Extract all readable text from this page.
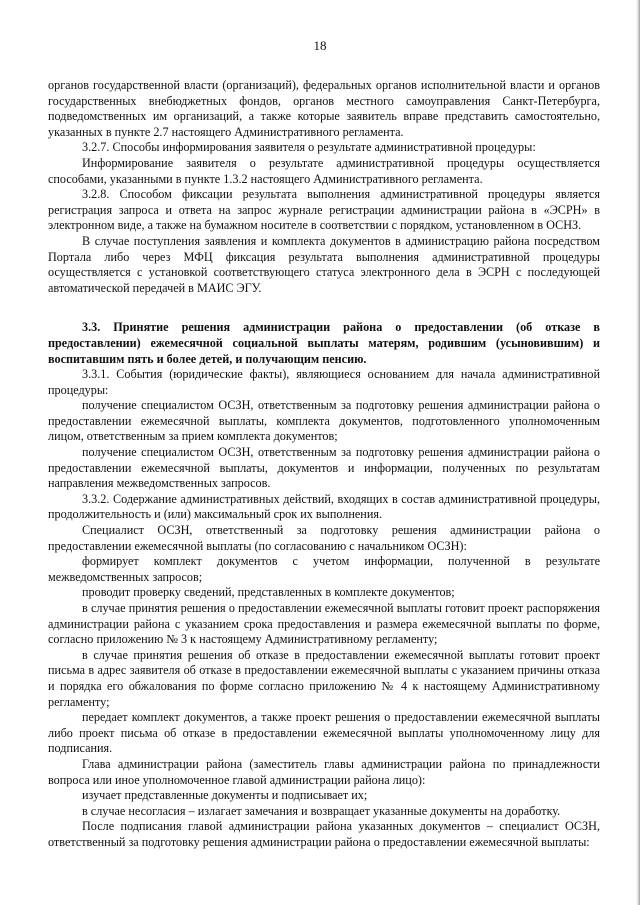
18

органов государственной власти (организаций), федеральных органов исполнительной власти и органов государственных внебюджетных фондов, органов местного самоуправления Санкт-Петербурга, подведомственных им организаций, а также которые заявитель вправе представить самостоятельно, указанных в пункте 2.7 настоящего Административного регламента.

3.2.7. Способы информирования заявителя о результате административной процедуры:

Информирование заявителя о результате административной процедуры осуществляется способами, указанными в пункте 1.3.2 настоящего Административного регламента.

3.2.8. Способом фиксации результата выполнения административной процедуры является регистрация запроса и ответа на запрос журнале регистрации администрации района в «ЭСРН» в электронном виде, а также на бумажном носителе в соответствии с порядком, установленном в ОСНЗ.

В случае поступления заявления и комплекта документов в администрацию района посредством Портала либо через МФЦ фиксация результата выполнения административной процедуры осуществляется с установкой соответствующего статуса электронного дела в ЭСРН с последующей автоматической передачей в МАИС ЭГУ.

3.3. Принятие решения администрации района о предоставлении (об отказе в предоставлении) ежемесячной социальной выплаты матерям, родившим (усыновившим) и воспитавшим пять и более детей, и получающим пенсию.

3.3.1. События (юридические факты), являющиеся основанием для начала административной процедуры:

получение специалистом ОСЗН, ответственным за подготовку решения администрации района о предоставлении ежемесячной выплаты, комплекта документов, подготовленного уполномоченным лицом, ответственным за прием комплекта документов;

получение специалистом ОСЗН, ответственным за подготовку решения администрации района о предоставлении ежемесячной выплаты, документов и информации, полученных по результатам направления межведомственных запросов.

3.3.2. Содержание административных действий, входящих в состав административной процедуры, продолжительность и (или) максимальный срок их выполнения.

Специалист ОСЗН, ответственный за подготовку решения администрации района о предоставлении ежемесячной выплаты (по согласованию с начальником ОСЗН):

формирует комплект документов с учетом информации, полученной в результате межведомственных запросов;

проводит проверку сведений, представленных в комплекте документов;

в случае принятия решения о предоставлении ежемесячной выплаты готовит проект распоряжения администрации района с указанием срока предоставления и размера ежемесячной выплаты по форме, согласно приложению № 3 к настоящему Административному регламенту;

в случае принятия решения об отказе в предоставлении ежемесячной выплаты готовит проект письма в адрес заявителя об отказе в предоставлении ежемесячной выплаты с указанием причины отказа и порядка его обжалования по форме согласно приложению № 4 к настоящему Административному регламенту;

передает комплект документов, а также проект решения о предоставлении ежемесячной выплаты либо проект письма об отказе в предоставлении ежемесячной выплаты уполномоченному лицу для подписания.

Глава администрации района (заместитель главы администрации района по принадлежности вопроса или иное уполномоченное главой администрации района лицо):

изучает представленные документы и подписывает их;

в случае несогласия – излагает замечания и возвращает указанные документы на доработку.

После подписания главой администрации района указанных документов – специалист ОСЗН, ответственный за подготовку решения администрации района о предоставлении ежемесячной выплаты:
